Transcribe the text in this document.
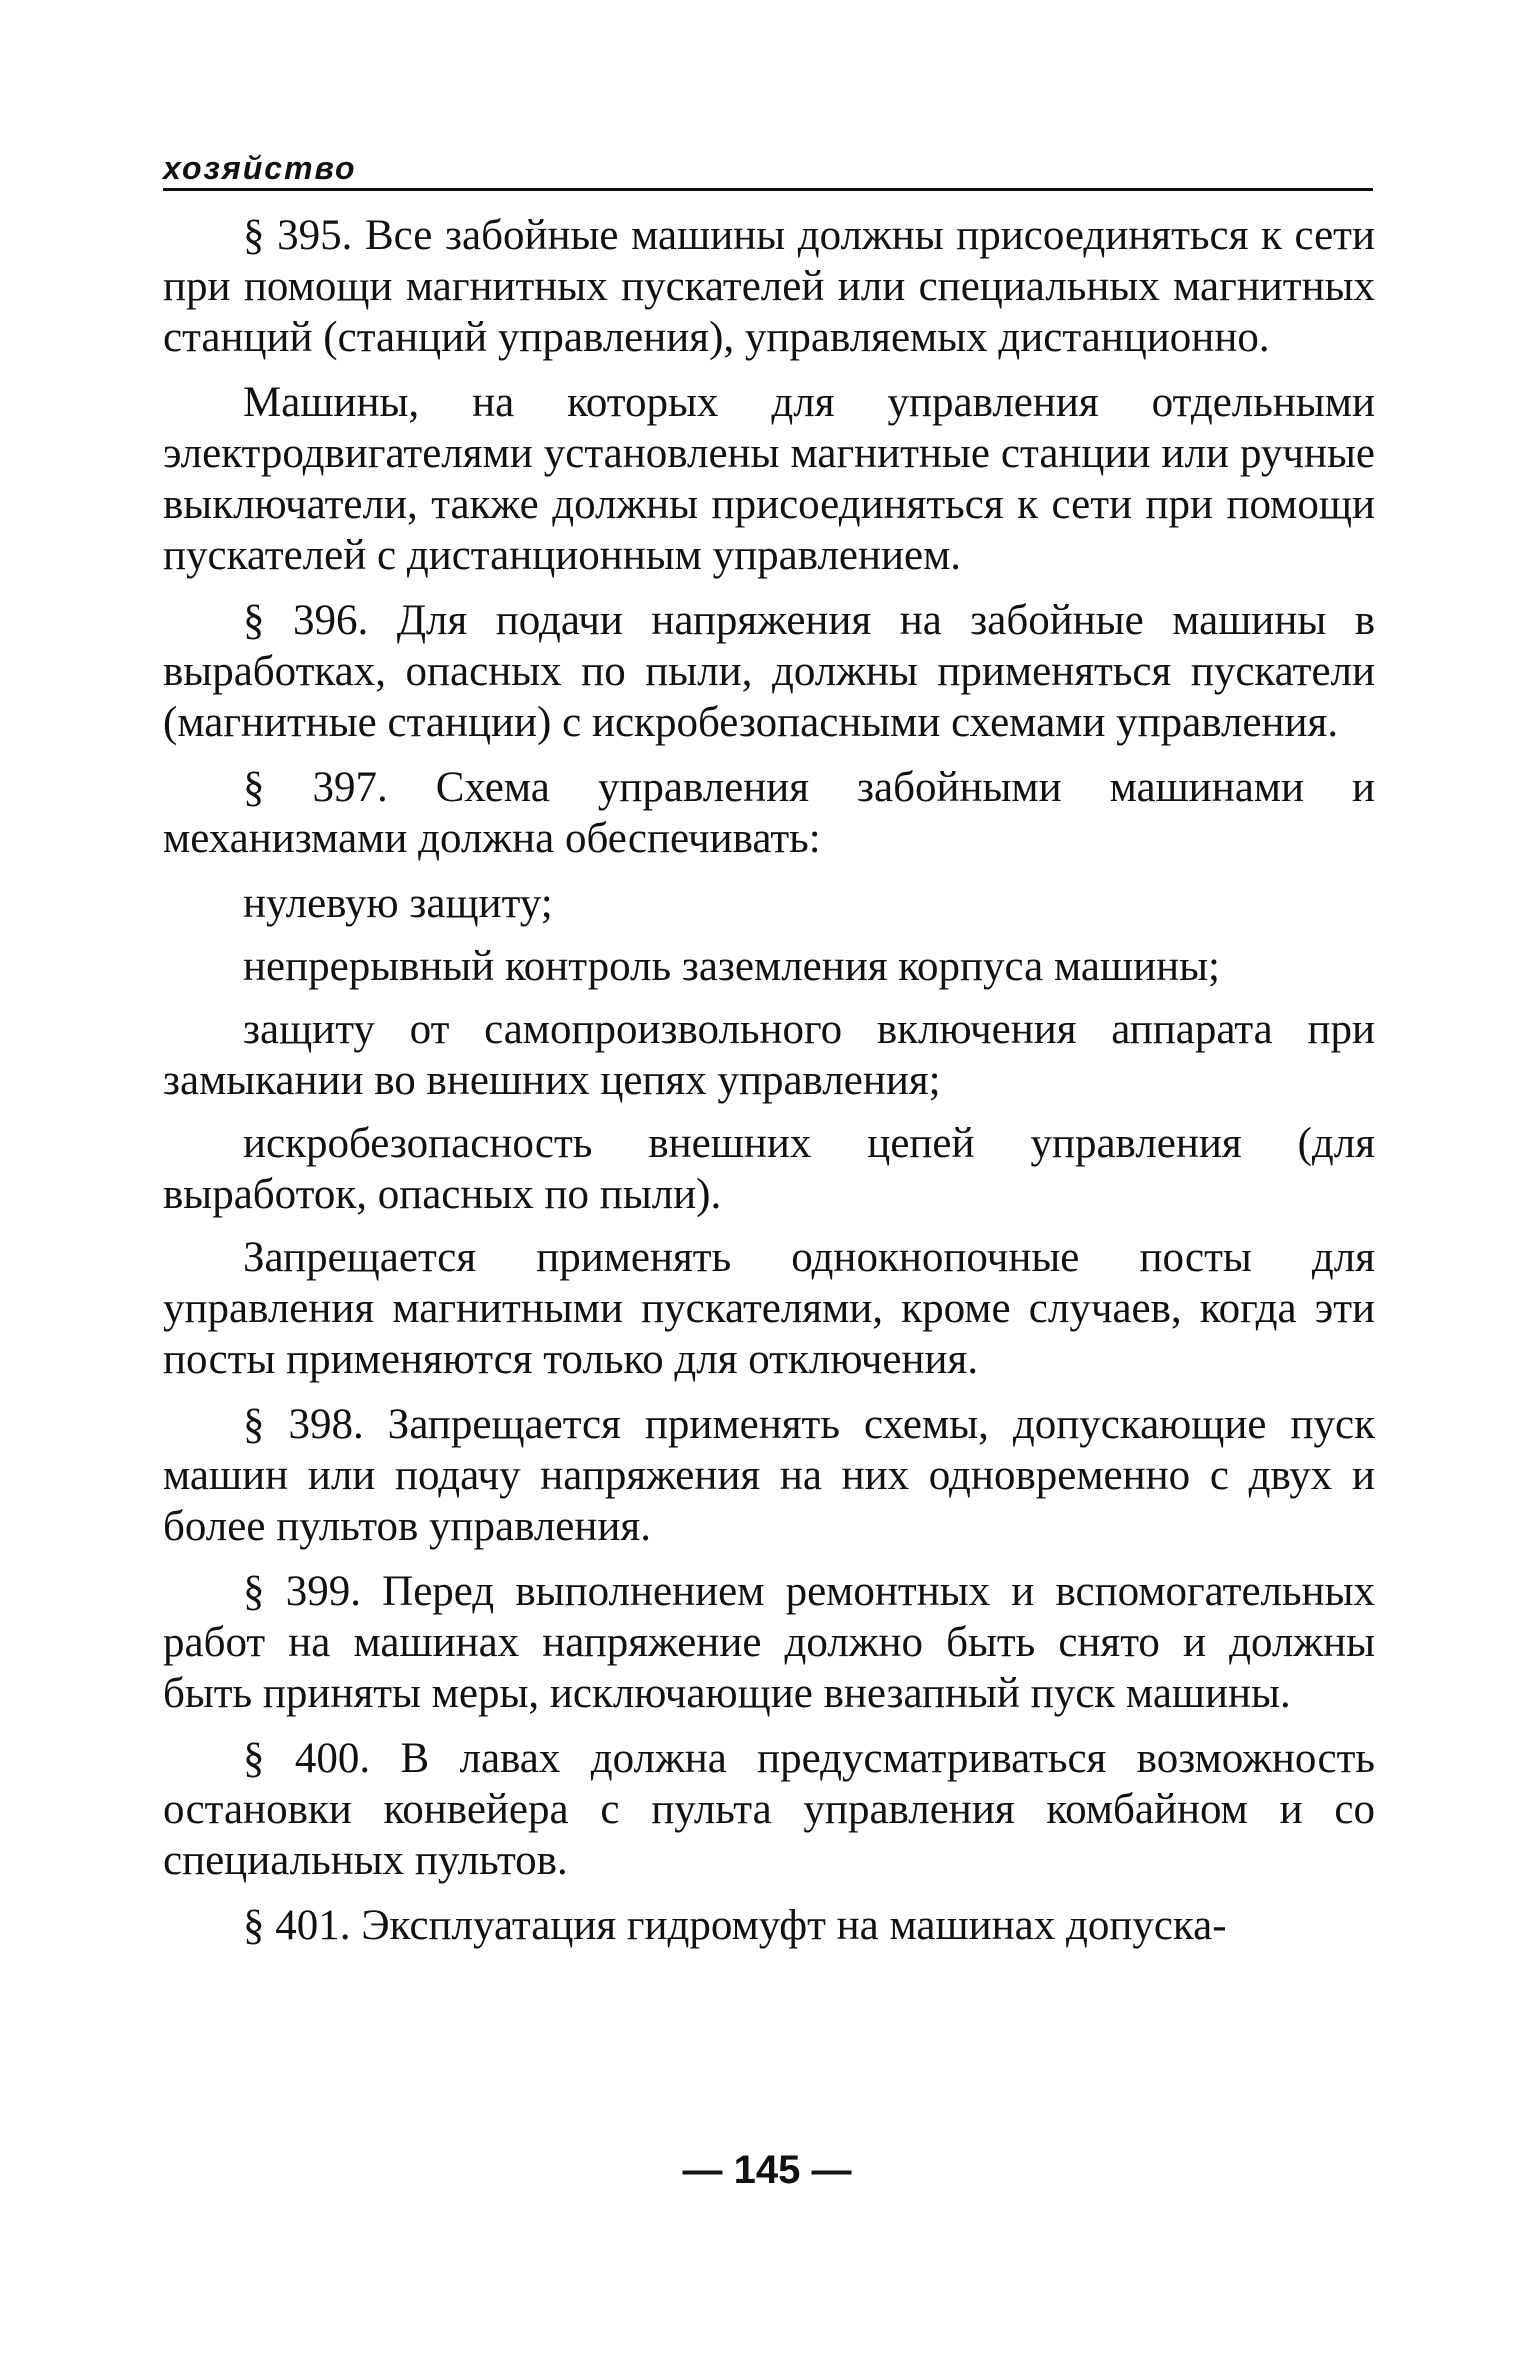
хозяйство

§ 395. Все забойные машины должны присоединяться к сети при помощи магнитных пускателей или специальных магнитных станций (станций управления), управляемых дистанционно.

Машины, на которых для управления отдельными электродвигателями установлены магнитные станции или ручные выключатели, также должны присоединяться к сети при помощи пускателей с дистанционным управлением.

§ 396. Для подачи напряжения на забойные машины в выработках, опасных по пыли, должны применяться пускатели (магнитные станции) с искробезопасными схемами управления.

§ 397. Схема управления забойными машинами и механизмами должна обеспечивать:

нулевую защиту;

непрерывный контроль заземления корпуса машины;

защиту от самопроизвольного включения аппарата при замыкании во внешних цепях управления;

искробезопасность внешних цепей управления (для выработок, опасных по пыли).

Запрещается применять однокнопочные посты для управления магнитными пускателями, кроме случаев, когда эти посты применяются только для отключения.

§ 398. Запрещается применять схемы, допускающие пуск машин или подачу напряжения на них одновременно с двух и более пультов управления.

§ 399. Перед выполнением ремонтных и вспомогательных работ на машинах напряжение должно быть снято и должны быть приняты меры, исключающие внезапный пуск машины.

§ 400. В лавах должна предусматриваться возможность остановки конвейера с пульта управления комбайном и со специальных пультов.

§ 401. Эксплуатация гидромуфт на машинах допуска-

— 145 —
